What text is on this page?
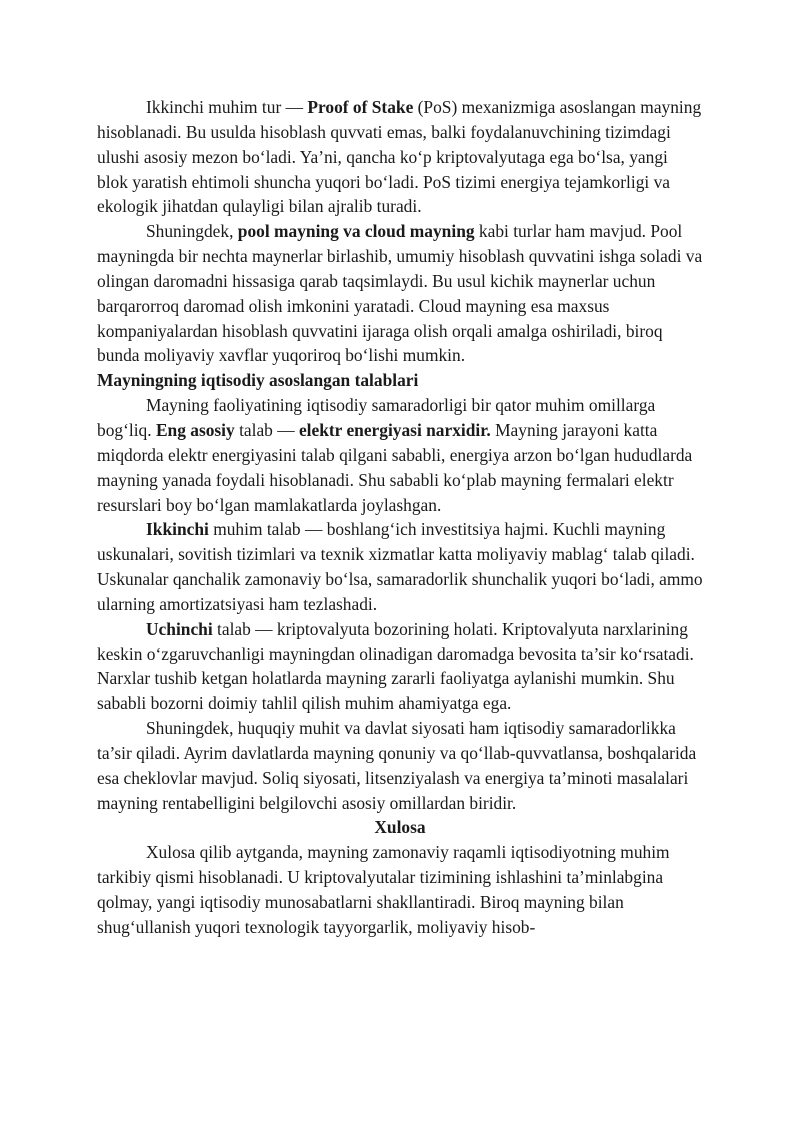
Ikkinchi muhim tur — Proof of Stake (PoS) mexanizmiga asoslangan mayning hisoblanadi. Bu usulda hisoblash quvvati emas, balki foydalanuvchining tizimdagi ulushi asosiy mezon bo‘ladi. Ya’ni, qancha ko‘p kriptovalyutaga ega bo‘lsa, yangi blok yaratish ehtimoli shuncha yuqori bo‘ladi. PoS tizimi energiya tejamkorligi va ekologik jihatdan qulayligi bilan ajralib turadi.

Shuningdek, pool mayning va cloud mayning kabi turlar ham mavjud. Pool mayningda bir nechta maynerlar birlashib, umumiy hisoblash quvvatini ishga soladi va olingan daromadni hissasiga qarab taqsimlaydi. Bu usul kichik maynerlar uchun barqarorroq daromad olish imkonini yaratadi. Cloud mayning esa maxsus kompaniyalardan hisoblash quvvatini ijaraga olish orqali amalga oshiriladi, biroq bunda moliyaviy xavflar yuqoriroq bo‘lishi mumkin.

Mayningning iqtisodiy asoslangan talablari

Mayning faoliyatining iqtisodiy samaradorligi bir qator muhim omillarga bog‘liq. Eng asosiy talab — elektr energiyasi narxidir. Mayning jarayoni katta miqdorda elektr energiyasini talab qilgani sababli, energiya arzon bo‘lgan hududlarda mayning yanada foydali hisoblanadi. Shu sababli ko‘plab mayning fermalari elektr resurslari boy bo‘lgan mamlakatlarda joylashgan.

Ikkinchi muhim talab — boshlang‘ich investitsiya hajmi. Kuchli mayning uskunalari, sovitish tizimlari va texnik xizmatlar katta moliyaviy mablag‘ talab qiladi. Uskunalar qanchalik zamonaviy bo‘lsa, samaradorlik shunchalik yuqori bo‘ladi, ammo ularning amortizatsiyasi ham tezlashadi.

Uchinchi talab — kriptovalyuta bozorining holati. Kriptovalyuta narxlarining keskin o‘zgaruvchanligi mayningdan olinadigan daromadga bevosita ta’sir ko‘rsatadi. Narxlar tushib ketgan holatlarda mayning zararli faoliyatga aylanishi mumkin. Shu sababli bozorni doimiy tahlil qilish muhim ahamiyatga ega.

Shuningdek, huquqiy muhit va davlat siyosati ham iqtisodiy samaradorlikka ta’sir qiladi. Ayrim davlatlarda mayning qonuniy va qo‘llab-quvvatlansa, boshqalarida esa cheklovlar mavjud. Soliq siyosati, litsenziyalash va energiya ta’minoti masalalari mayning rentabelligini belgilovchi asosiy omillardan biridir.

Xulosa

Xulosa qilib aytganda, mayning zamonaviy raqamli iqtisodiyotning muhim tarkibiy qismi hisoblanadi. U kriptovalyutalar tizimining ishlashini ta’minlabgina qolmay, yangi iqtisodiy munosabatlarni shakllantiradi. Biroq mayning bilan shug‘ullanish yuqori texnologik tayyorgarlik, moliyaviy hisob-
